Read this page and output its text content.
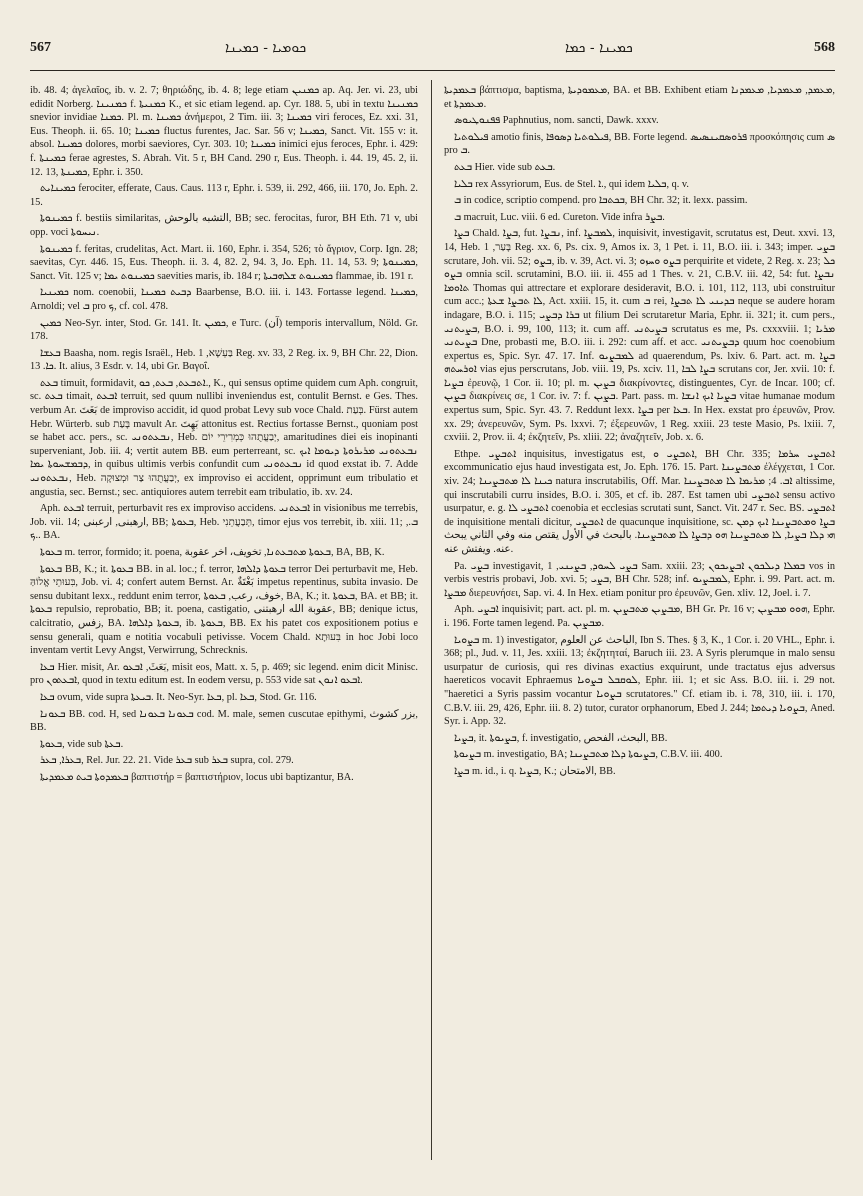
567	ܟܘܡܝܐ - ܟܡܝܢܐ	ܟܡܝܢܐ - ܟܡܐ	568

ib. 48. 4; ἀγελαῖος, ib. v. 2. 7; θηριώδης, ib. 4. 8; lege etiam ܟܡܢܝܢ ap. Aq. Jer. vi. 23, ubi edidit Norberg. ܟܡܢܝܢܐ f. ܟܡܢܝܬܐ K., et sic etiam legend. ap. Cyr. 188. 5, ubi in textu ܟܡܢܝܢܐ snevior invidiae ܟܡܢܐ. Pl. m. ܟܡܝܢܐ ἀνήμεροι, 2 Tim. iii. 3; ܟܡܝܢܐ viri feroces, Ez. xxi. 31, Eus. Theoph. ii. 65. 10; ܟܡܝܢܐ fluctus furentes, Jac. Sar. 56 v; ܟܡܝܢܐ, Sanct. Vit. 155 v: it. absol. ܟܡܝܢܐ dolores, morbi saeviores, Cyr. 303. 10; ܟܡܝܢܐ inimici ejus feroces, Ephr. i. 429: f. ܟܡܝܢܬܐ ferae agrestes, S. Abrah. Vit. 5 r, BH Cand. 290 r, Eus. Theoph. i. 44. 19, 45. 2, ii. 12. 13, ܟܡܝܢܬܐ, Ephr. i. 350.

ܟܡܝܢܐܝܬ ferociter, efferate, Caus. Caus. 113 r, Ephr. i. 539, ii. 292, 466, iii. 170, Jo. Eph. 2. 15.

ܟܡܝܢܘܬܐ f. bestiis similaritas, التشبه بالوحش, BB; sec. ferocitas, furor, BH Eth. 71 v, ubi opp. voci ܢܝܚܘܬܐ.

ܟܡܝܢܘܬܐ f. feritas, crudelitas, Act. Mart. ii. 160, Ephr. i. 354, 526; τὸ ἄγριον, Corp. Ign. 28; saevitas, Cyr. 446. 15, Eus. Theoph. ii. 3. 4, 82. 2, 94. 3, Jo. Eph. 11. 14, 53. 9; ܟܡܝܢܘܬܐ, Sanct. Vit. 125 v; ܟܡܝܢܘܬ ܝܡܐ saevities maris, ib. 184 r; ܟܡܝܢܘܬ ܫܠܗܒܝܬܐ flammae, ib. 191 r.

ܟܡܝܢܝܐ nom. coenobii, ܕܒܝܬ ܟܡܝܢܐ Baarbense, B.O. iii. i. 143. Fortasse legend. ܟܡܝܢܐ, Arnoldi; vel ܒ pro ܟ, cf. col. 478.

ܟܡܝܢ Neo-Syr. inter, Stod. Gr. 141. It. ܟܡܝܢ, e Turc. (آن) temporis intervallum, Nöld. Gr. 178.

ܒܥܫܐ Baasha, nom. regis Israël., Heb. בַּעְשָׁא, 1 Reg. xv. 33, 2 Reg. ix. 9, BH Chr. 22, Dion. ܟܐ. 13. It. alius, 3 Esdr. v. 14, ubi Gr. Βαγοΐ.

ܒܥܬ timuit, formidavit, ܐܬܒܥܬ, ܒܥܬ, ܟܘ., K., qui sensus optime quidem cum Aph. congruit, sc. ܒܥܬ timait, ܐܒܥܬ terruit, sed quum nullibi inveniendus est, contulit Bernst. e Ges. Thes. verbum Ar. بَغَتَ de improviso accidit, id quod probat Levy sub voce Chald. בְּעַת. Fürst autem Hebr. Würterb. sub בָּעַת mavult Ar. بَهِتَ attonitus est. Rectius fortasse Bernst., quoniam post se habet acc. pers., sc. ܢܒܥܬܘܢܝ, Heb. יְבַעֲתֻהוּ כְּמְרִירֵי יוֹם, amaritudines diei eis inopinanti superveniant, Job. iii. 4; vertit autem BB. eum perterreant, sc. ܢܒܥܬܘܢܝ ܡܪܝܪܘܬܐ ܕܝܘܡܐ ܐܝܟ ܕܒܡܫܚܘܬܐ ܝܡܐ, in quibus ultimis verbis confundit cum ܢܒܥܬܘܢܝ id quod exstat ib. 7. Adde ܢܒܥܬܘܢܝ, Heb. יְבַעֲתֻהוּ צַר וּמְצוּקָה, ex improviso ei accident, opprimunt eum tribulatio et angustia, sec. Bernst.; sec. antiquiores autem terrebit eam tribulatio, ib. xv. 24.

Aph. ܐܒܥܬ terruit, perturbavit res ex improviso accidens. ܐܒܥܬܢܝ in visionibus me terrebis, Job. vii. 14; ارهبنى, ارعبنى, BB; ܒܥܘܬܐ, Heb. תְּבַעֲתֵנִי, timor ejus vos terrebit, ib. xiii. 11; ܒ., ܟ.. BA.

ܒܥܘܬܐ m. terror, formido; it. poena, ܒܥܘܬܐ ܡܬܒܥܬܢܐ, تخويف، اخر عقوبة, BA, BB, K.

ܒܥܘܬܐ BB, K.; it. ܒܥܘܬܐ BB. in al. loc.; f. terror, ܒܥܘܬܐ ܕܐܠܗܐ terror Dei perturbavit me, Heb. בִּעוּתֵי אֱלוֹהַּ, Job. vi. 4; confert autem Bernst. Ar. بَغْتَةٌ impetus repentinus, subita invasio. De sensu dubitant lexx., reddunt enim terror, خوف، رعب, ܒܥܘܬܐ, BA, K.; it. ܒܥܘܬܐ, BA. et BB; it. ܒܥܘܬܐ repulsio, reprobatio, BB; it. poena, castigatio, عقوبة الله ارهبتنى, BB; denique ictus, calcitratio, زفس, BA. ܒܥܘܬܐ ܕܐܠܗܐ, ib. ܒܥܘܬܐ, BB. Ex his patet cos expositionem potius e sensu generali, quam e notitia vocabuli petivisse. Vocem Chald. בִּעוּתָא in hoc Jobi loco inventam vertit Levy Angst, Verwirrung, Schrecknis.

ܒܥܐ Hier. misit, Ar. بَعَثَ, ܐܒܥܘ, misit eos, Matt. x. 5, p. 469; sic legend. enim dicit Minisc. pro ܐܒܥܬܘܢ, quod in textu editum est. In eodem versu, p. 553 vide sat ܐܒܥܘ ܐܢܘܢ.

ܒܥܐ ovum, vide supra ܒܝܥܬܐ. It. Neo-Syr. ܒܥܐ, pl. ܒܥܐ, Stod. Gr. 116.

ܒܥܘܢܐ BB. cod. H, sed ܒܥܘܢܐ ܒܥܘܢܐ cod. M. male, semen cuscutae epithymi, بزر كشوث, BB.

ܒܥܘܬܐ, vide sub ܒܥܬܐ.

ܒܥܪܐ, ܒܥܪ, Rel. Jur. 22. 21. Vide ܒܥܪ sub ܒܥܪ supra, col. 279.

ܒܥܡܕܘܬܐ ܒܝܬ ܡܥܡܕܝܬܐ βαπτιστήρ = βαπτιστήριον, locus ubi baptizantur, BA.

ܒܥܡܕܝܬܐ βάπτισμα, baptisma, ܡܥܡܘܕܝܬܐ, BA. et BB. Exhibent etiam ܡܥܡܕ, ܡܥܡܕܝܐ, ܡܥܡܕܢܐ, et ܡܥܡܕܬܐ.

ܦܦܢܘܛܝܘܣ Paphnutius, nom. sancti, Dawk. xxxv.

ܦܝܠܘܬܝܐ amotio finis, ܦܝܠܘܬܝܐ ܕܣܘܦܐ, BB. Forte legend. ܦܪܘܣܩܝܢܣܝܣ προσκόπησις cum ܣ pro ܒ.

ܒܥܬ Hier. vide sub ܒܥܬ.

ܒܠܝܐ rex Assyriorum, Eus. de Stel. ܐ., qui idem ܒܠܝܐ, q. v.

ܒ in codice, scriptio compend. pro ܒܟܬܒܐ, BH Chr. 32; it. lexx. passim.

ܒ macruit, Luc. viii. 6 ed. Cureton. Vide infra ܒܨܪ.

ܒܨܐ Chald. ܒܨܐ, fut. ܢܒܨܐ, inf. ܠܡܒܨܐ, inquisivit, investigavit, scrutatus est, Deut. xxvi. 13, 14, Heb. בָּעַר, 1 Reg. xx. 6, Ps. cix. 9, Amos ix. 3, 1 Pet. i. 11, B.O. iii. i. 343; imper. ܒܨܝ scrutare, Joh. vii. 52; ܒܨܘ, ib. v. 39, Act. vi. 3; ܒܨܘ ܘܚܙܘ perquirite et videte, 2 Reg. x. 23; ܟܠ ܒܨܘ omnia scil. scrutamini, B.O. iii. ii. 455 ad 1 Thes. v. 21, C.B.V. iii. 42, 54: fut. ܢܒܨܐ ܬܐܘܡܐ Thomas qui attrectare et explorare desideravit, B.O. i. 101, 112, 113, ubi construitur cum acc.; ܠܐ ܬܒܨܐ ܫܥܬܐ, Act. xxiii. 15, it. cum ܒ rei, ܒܕܝܢܝ ܠܐ ܬܒܨܐ neque se audere horam indagare, B.O. i. 115; ܒܪܐ ܕܒܨܝ ut filium Dei scrutaretur Maria, Ephr. ii. 321; it. cum pers., ܒܨܝܬܢܝ, B.O. i. 99, 100, 113; it. cum aff. ܒܨܝܬܢܝ scrutatus es me, Ps. cxxxviii. 1; ܡܪܝܐ ܒܨܝܬܢܝ Dne, probasti me, B.O. iii. i. 292: cum aff. et acc. ܕܒܨܝܬܢܝ quum hoc coenobium expertus es, Spic. Syr. 47. 17. Inf. ܠܡܒܨܝܘ ad quaerendum, Ps. lxiv. 6. Part. act. m. ܒܨܐ ܐܘܪܚܬܗ vias ejus perscrutans, Job. viii. 19, Ps. xciv. 11, ܒܨܐ ܠܒܐ scrutans cor, Jer. xvii. 10: f. ܒܨܝܐ ἐρευνῷ, 1 Cor. ii. 10; pl. m. ܒܨܝܢ διακρίνοντες, distinguentes, Cyr. de Incar. 100; cf. ܒܨܝܢ διακρίνεις σε, 1 Cor. iv. 7: f. ܒܨܝܢ. Part. pass. m. ܒܨܝܐ ܐܝܟ ܐܢܫܐ vitae humanae modum expertus sum, Spic. Syr. 43. 7. Reddunt lexx. ܒܨܐ per ܒܥܐ. In Hex. exstat pro ἐρευνῶν, Prov. xx. 29; ἀνερευνῶν, Sym. Ps. lxxvi. 7; ἐξερευνῶν, 1 Reg. xxiii. 23 teste Masio, Ps. lxiii. 7, cxviii. 2, Prov. ii. 4; ἐκζητεῖν, Ps. xliii. 22; ἀναζητεῖν, Job. x. 6.

Ethpe. ܐܬܒܨܝ inquisitus, investigatus est, ܐܬܒܨܝ ܘ, BH Chr. 335; ܐܬܒܨܝ ܚܪܡܐ excommunicatio ejus haud investigata est, Jo. Eph. 176. 15. Part. ܡܬܒܨܝܢܐ ἐλέγχεται, 1 Cor. xiv. 24; ܟܝܢܐ ܠܐ ܡܬܒܨܝܢܐ natura inscrutabilis, Off. Mar. ܐܒ. 4; ܡܪܝܡܐ ܠܐ ܡܬܒܨܝܢܐ altissime, qui inscrutabili curru insides, B.O. i. 305, et cf. ib. 287. Est tamen ubi ܐܬܒܨܝ sensu activo usurpatur, e. g. ܐܬܒܨܝ ܠܐ coenobia et ecclesias scrutati sunt, Sanct. Vit. 247 r. Sec. BS. ܐܬܒܨܝ de inquisitione mentali dicitur, ܐܬܒܨܝ de quacunque inquisitione, sc. ܒܨܐ ܘܡܬܒܨܝܢܐ ܐܝܟ ܕܡܢ ܗܝ ܕܠܐ ܒܨܝܐ, ܠܐ ܡܬܒܨܝܢܐ ܗܘ ܕܒܨܐ ܠܐ ܡܬܒܨܝܢܐ. بالبحث في الأول يقتص منه وفي الثاني يبحث عنه. ويفتش عنه.

Pa. ܒܨܝ investigavit, ܒܨܝ ܠܚܘܕ, ܒܨܝܢܝ, 1 Sam. xxiii. 23; ܒܡܠܐ ܕܝܠܟܘܢ ܐܒܨܝܟܘܢ vos in verbis vestris probavi, Job. xvi. 5; ܒܨܝ, BH Chr. 528; inf. ܠܡܒܨܝܘ, Ephr. i. 99. Part. act. m. ܡܒܨܐ διερευνήσει, Sap. vi. 4. In Hex. etiam ponitur pro ἐρευνῶν, Gen. xliv. 12, Joel. i. 7.

Aph. ܐܒܨܝ inquisivit; part. act. pl. m. ܡܒܨܝܢ ܡܬܒܨܝܢ, BH Gr. Pr. 16 v; ܗܘܘ ܡܒܨܝܢ, Ephr. i. 196. Forte tamen legend. Pa. ܡܒܨܝܢ.

ܒܨܘܝܐ m. 1) investigator, الباحث عن العلوم, Ibn S. Thes. § 3, K., 1 Cor. i. 20 VHL., Ephr. i. 368; pl., Jud. v. 11, Jes. xxiii. 13; ἐκζητηταί, Baruch iii. 23. A Syris plerumque in malo sensu usurpatur de curiosis, qui res divinas exactius exquirunt, unde tractatus ejus adversus haereticos vocavit Ephraemus ܠܘܩܒܠ ܒܨܘܝܐ, Ephr. iii. 1; et sic Ass. B.O. iii. i. 29 not. "haeretici a Syris passim vocantur ܒܨܘܝܐ scrutatores." Cf. etiam ib. i. 78, 310, iii. i. 170, C.B.V. iii. 29, 426, Ephr. iii. 8. 2) tutor, curator orphanorum, Ebed J. 244; ܒܨܘܝܐ ܕܝܬܡܐ, Aned. Syr. i. App. 32.

ܒܨܝܐ, it. ܒܨܝܘܬܐ, f. investigatio, البحث، الفحص, BB.

ܒܨܝܘܬܐ m. investigatio, BA; ܒܨܝܘܬܐ ܕܠܐ ܡܬܒܨܝܢܐ, C.B.V. iii. 400.

ܒܨܐ m. id., i. q. ܒܨܝܐ, K.; الامتحان, BB.
